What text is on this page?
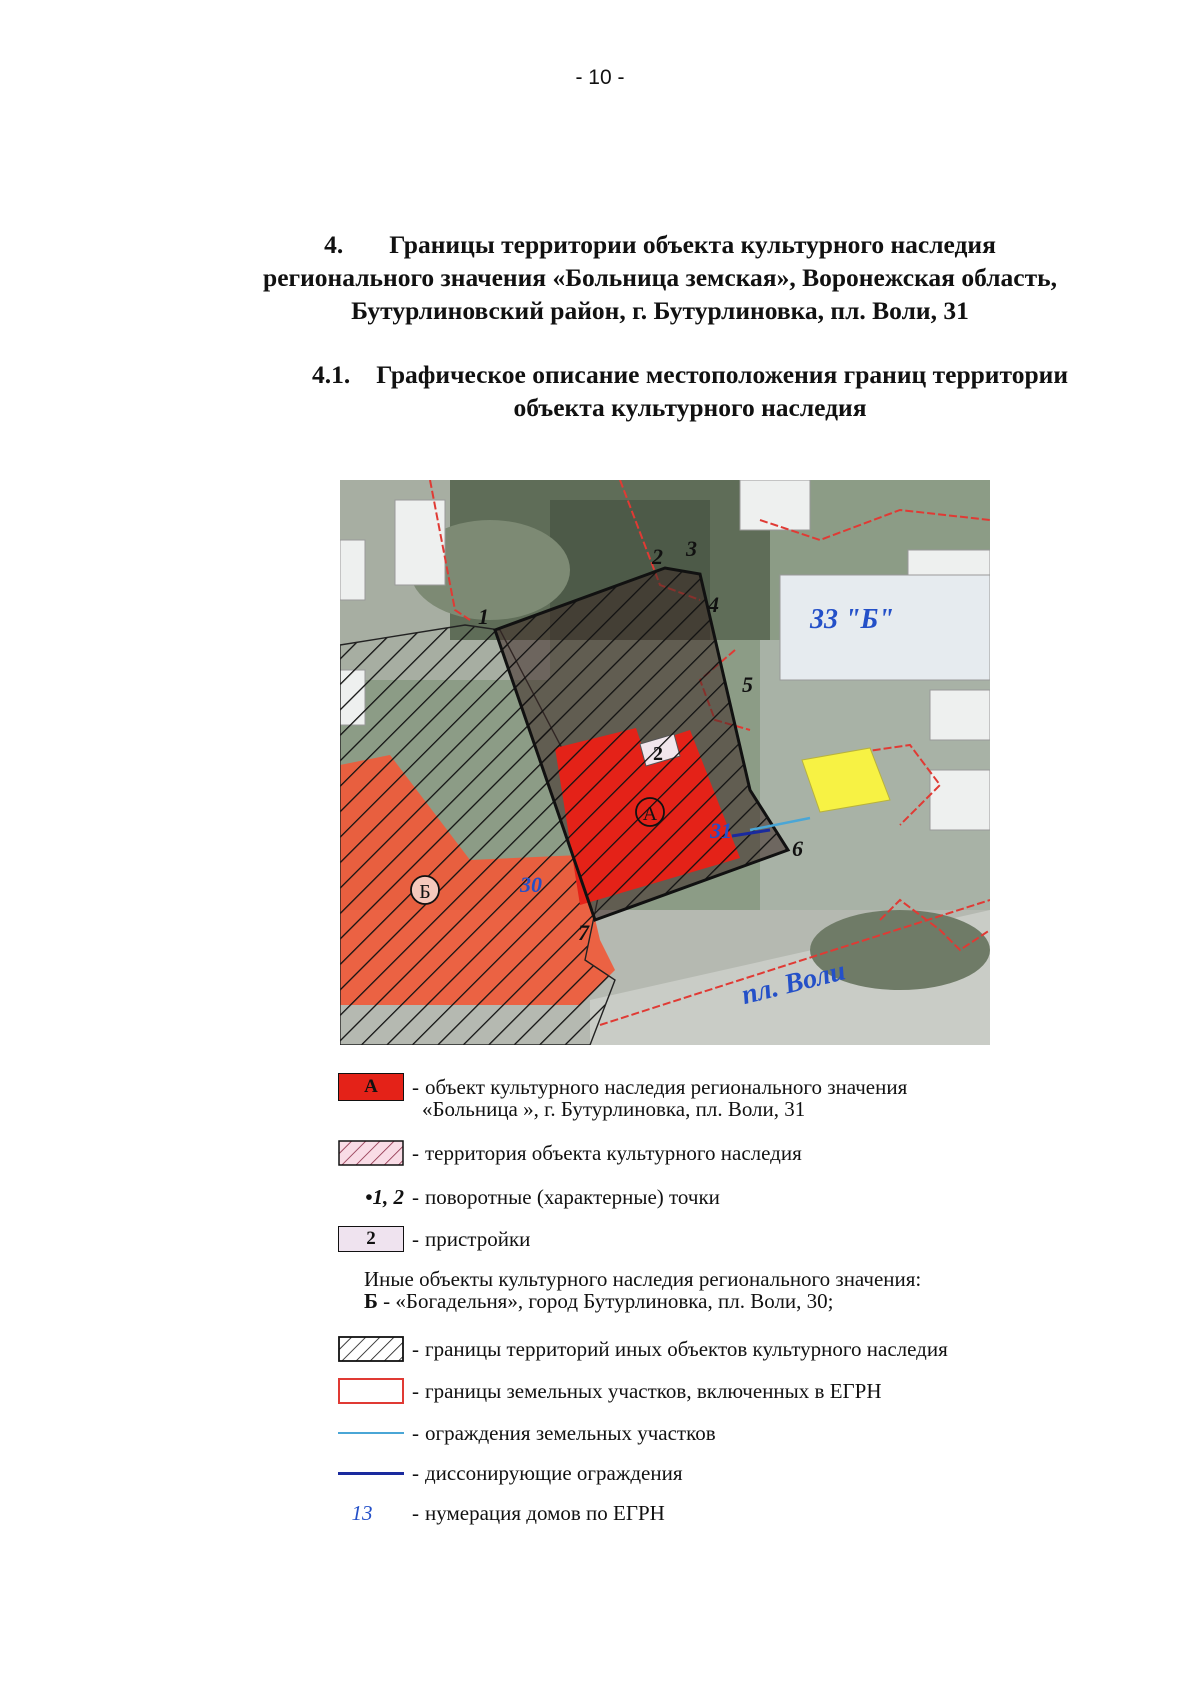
- 10 -
4. Границы территории объекта культурного наследия
регионального значения «Больница земская», Воронежская область,
Бутурлиновский район, г. Бутурлиновка, пл. Воли, 31
4.1. Графическое описание местоположения границ территории
объекта культурного наследия
1
2 3
4
5
6
7
А
Б
2
30
31
33 "Б"
пл. Воли
А	- объект культурного наследия регионального значения
«Больница », г. Бутурлиновка, пл. Воли, 31
- территория объекта культурного наследия
•1, 2 - поворотные (характерные) точки
2	- пристройки
Иные объекты культурного наследия регионального значения:
Б - «Богадельня», город Бутурлиновка, пл. Воли, 30;
- границы территорий иных объектов культурного наследия
- границы земельных участков, включенных в ЕГРН
- ограждения земельных участков
- диссонирующие ограждения
13 - нумерация домов по ЕГРН
